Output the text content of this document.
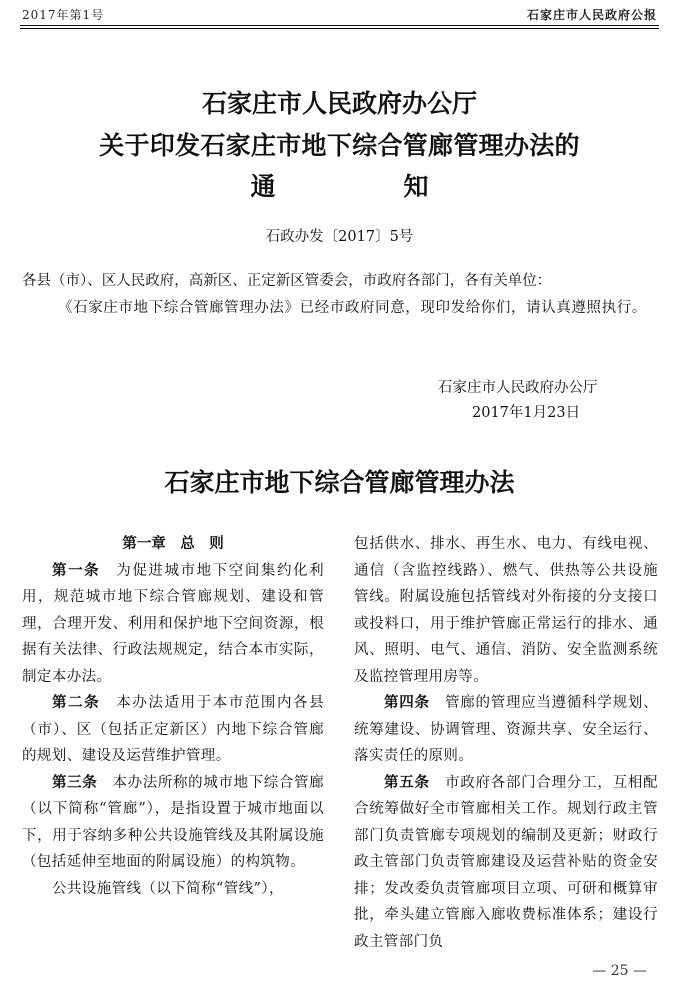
2017年第1号	石家庄市人民政府公报
石家庄市人民政府办公厅
关于印发石家庄市地下综合管廊管理办法的
通	知
石政办发〔2017〕5号
各县（市）、区人民政府，高新区、正定新区管委会，市政府各部门，各有关单位：
《石家庄市地下综合管廊管理办法》已经市政府同意，现印发给你们，请认真遵照执行。
石家庄市人民政府办公厅
2017年1月23日
石家庄市地下综合管廊管理办法

第一章　总　则

第一条　 为促进城市地下空间集约化利用，规范城市地下综合管廊规划、建设和管理，合理开发、利用和保护地下空间资源，根据有关法律、行政法规规定，结合本市实际，制定本办法。

第二条　 本办法适用于本市范围内各县（市）、区（包括正定新区）内地下综合管廊的规划、建设及运营维护管理。

第三条　 本办法所称的城市地下综合管廊（以下简称“管廊”），是指设置于城市地面以下，用于容纳多种公共设施管线及其附属设施（包括延伸至地面的附属设施）的构筑物。

公共设施管线（以下简称“管线”），

包括供水、排水、再生水、电力、有线电视、通信（含监控线路）、燃气、供热等公共设施管线。附属设施包括管线对外衔接的分支接口或投料口，用于维护管廊正常运行的排水、通风、照明、电气、通信、消防、安全监测系统及监控管理用房等。

第四条　 管廊的管理应当遵循科学规划、统筹建设、协调管理、资源共享、安全运行、落实责任的原则。

第五条　 市政府各部门合理分工，互相配合统筹做好全市管廊相关工作。规划行政主管部门负责管廊专项规划的编制及更新；财政行政主管部门负责管廊建设及运营补贴的资金安排；发改委负责管廊项目立项、可研和概算审批，牵头建立管廊入廊收费标准体系；建设行政主管部门负

— 25 —
